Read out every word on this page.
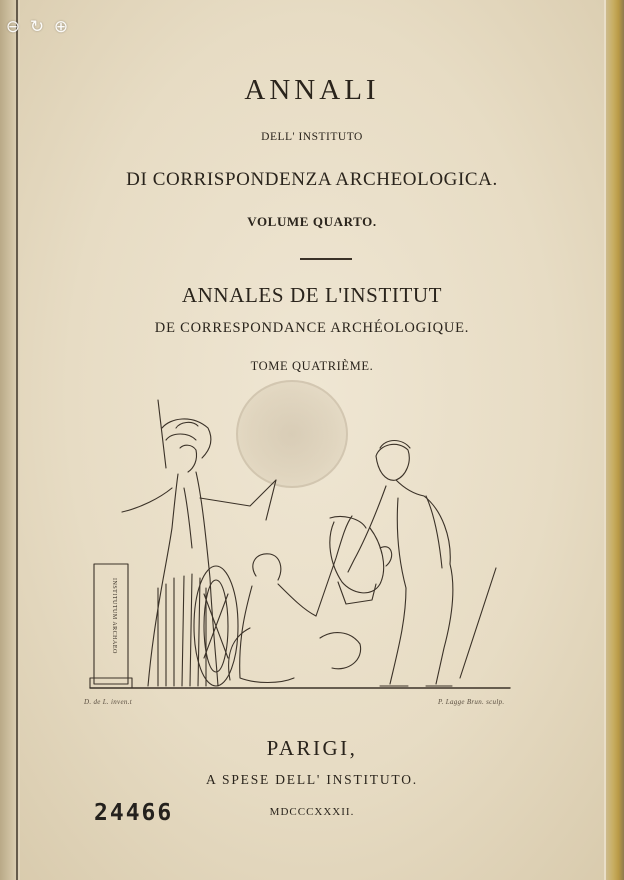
⊖ ↻ ⊕
ANNALI
DELL' INSTITUTO
DI CORRISPONDENZA ARCHEOLOGICA.
VOLUME QUARTO.
ANNALES DE L'INSTITUT
DE CORRESPONDANCE ARCHÉOLOGIQUE.
TOME QUATRIÈME.
INSTITUTUM ARCHAEO
D. de L. inven.t	P. Lagge Brun. sculp.
PARIGI,
A SPESE DELL' INSTITUTO.
MDCCCXXXII.
24466
